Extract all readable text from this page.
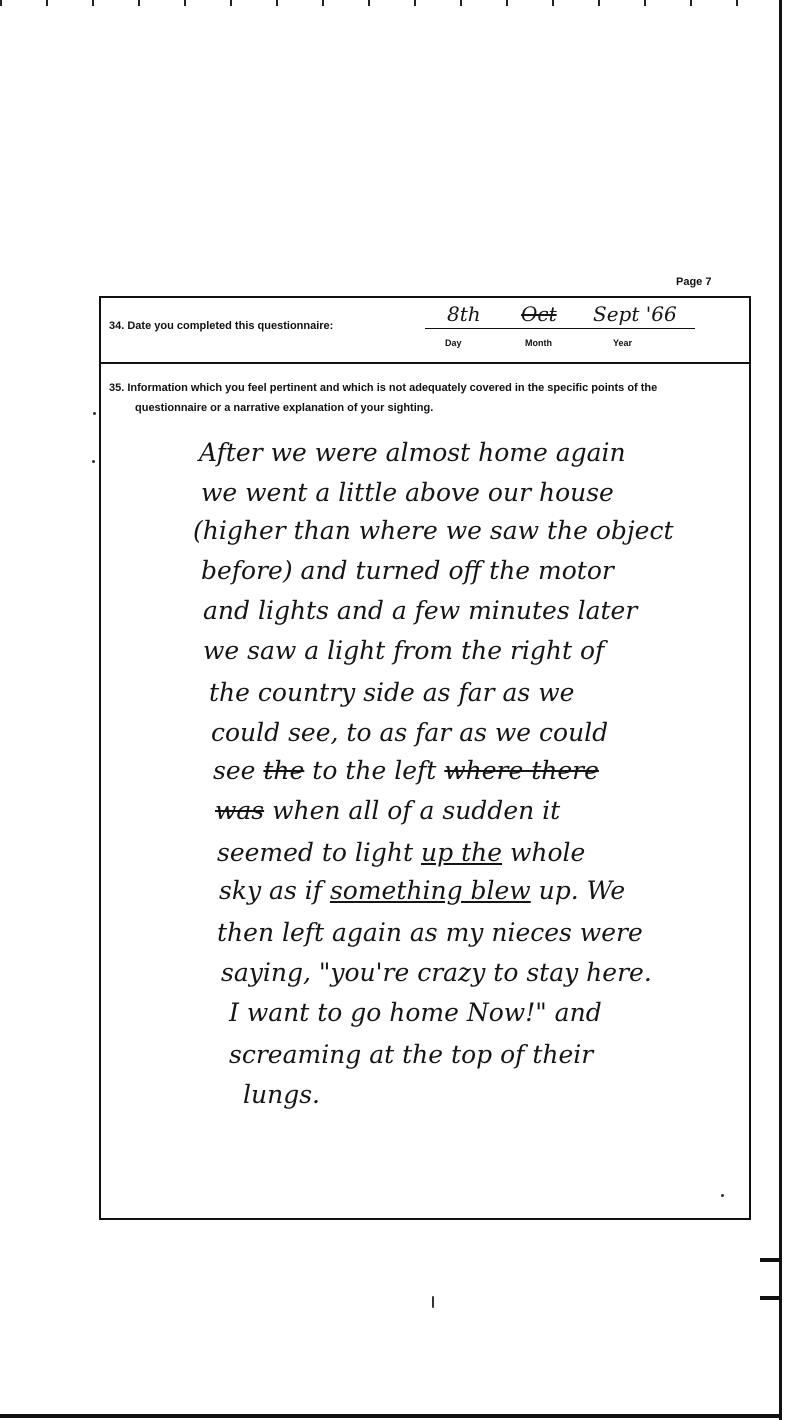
Page 7
34. Date you completed this questionnaire:	8th Oct Sept '66
Day	Month	Year
35. Information which you feel pertinent and which is not adequately covered in the specific points of the
questionnaire or a narrative explanation of your sighting.
After we were almost home again
we went a little above our house
(higher than where we saw the object
before) and turned off the motor
and lights and a few minutes later
we saw a light from the right of
the country side as far as we
could see, to as far as we could
see the to the left where there
was when all of a sudden it
seemed to light up the whole
sky as if something blew up. We
then left again as my nieces were
saying, "you're crazy to stay here.
I want to go home Now!" and
screaming at the top of their
lungs.
